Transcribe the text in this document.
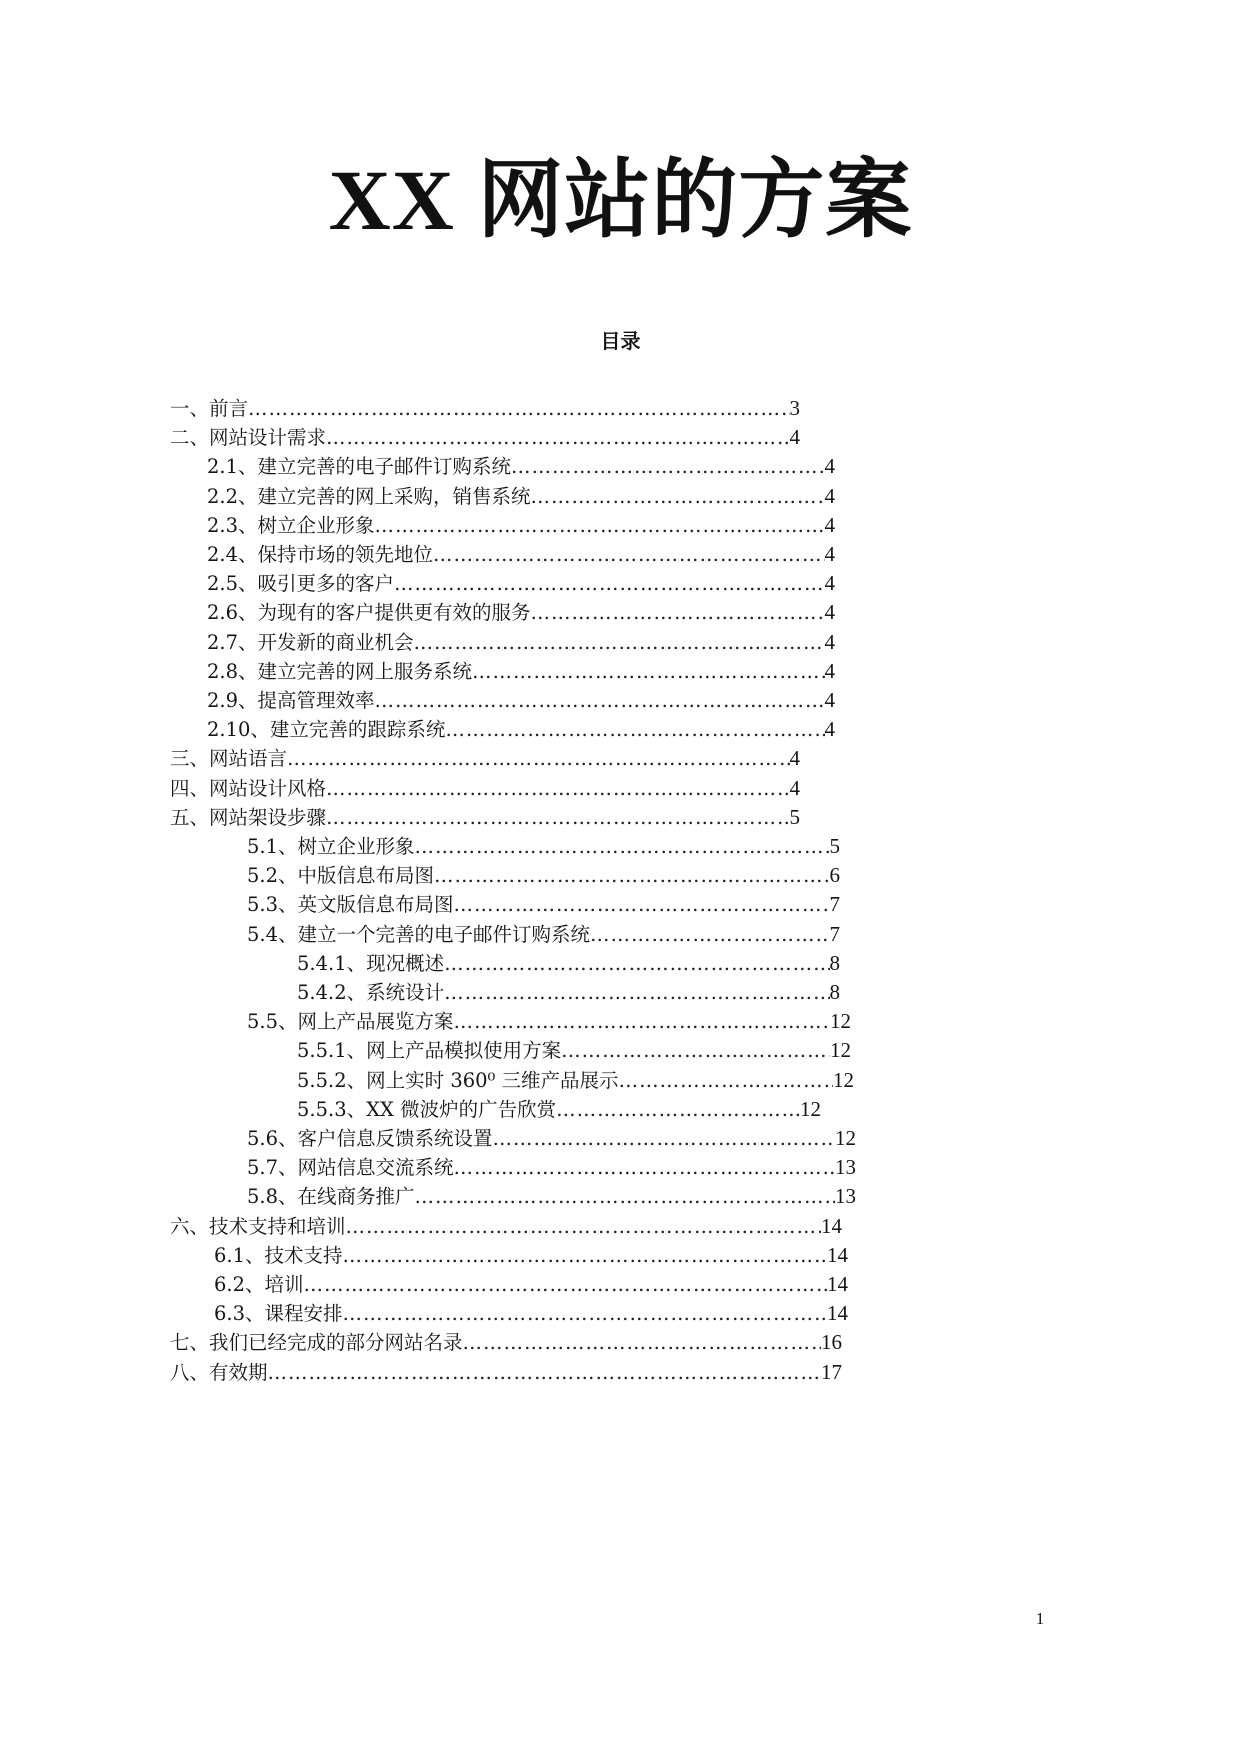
XX 网站的方案
目录
一、前言 ……………………………………………………………………………………………………………………………………………………………………………………	3
二、网站设计需求 ……………………………………………………………………………………………………………………………………………………………………………………	4
2.1、建立完善的电子邮件订购系统 ……………………………………………………………………………………………………………………………………………………………………………………	4
2.2、建立完善的网上采购，销售系统 ……………………………………………………………………………………………………………………………………………………………………………………	4
2.3、树立企业形象 ……………………………………………………………………………………………………………………………………………………………………………………	4
2.4、保持市场的领先地位 ……………………………………………………………………………………………………………………………………………………………………………………	4
2.5、吸引更多的客户 ……………………………………………………………………………………………………………………………………………………………………………………	4
2.6、为现有的客户提供更有效的服务 ……………………………………………………………………………………………………………………………………………………………………………………	4
2.7、开发新的商业机会 ……………………………………………………………………………………………………………………………………………………………………………………	4
2.8、建立完善的网上服务系统 ……………………………………………………………………………………………………………………………………………………………………………………	4
2.9、提高管理效率 ……………………………………………………………………………………………………………………………………………………………………………………	4
2.10、建立完善的跟踪系统 ……………………………………………………………………………………………………………………………………………………………………………………	4
三、网站语言 ……………………………………………………………………………………………………………………………………………………………………………………	4
四、网站设计风格 ……………………………………………………………………………………………………………………………………………………………………………………	4
五、网站架设步骤 ……………………………………………………………………………………………………………………………………………………………………………………	5
5.1、树立企业形象 ……………………………………………………………………………………………………………………………………………………………………………………	5
5.2、中版信息布局图 ……………………………………………………………………………………………………………………………………………………………………………………	6
5.3、英文版信息布局图 ……………………………………………………………………………………………………………………………………………………………………………………	7
5.4、建立一个完善的电子邮件订购系统 ……………………………………………………………………………………………………………………………………………………………………………………	7
5.4.1、现况概述 ……………………………………………………………………………………………………………………………………………………………………………………	8
5.4.2、系统设计 ……………………………………………………………………………………………………………………………………………………………………………………	8
5.5、网上产品展览方案 ……………………………………………………………………………………………………………………………………………………………………………………	12
5.5.1、网上产品模拟使用方案 ……………………………………………………………………………………………………………………………………………………………………………………	12
5.5.2、网上实时 360⁰ 三维产品展示 ……………………………………………………………………………………………………………………………………………………………………………………	12
5.5.3、XX 微波炉的广告欣赏 ……………………………………………………………………………………………………………………………………………………………………………………	12
5.6、客户信息反馈系统设置 ……………………………………………………………………………………………………………………………………………………………………………………	12
5.7、网站信息交流系统 ……………………………………………………………………………………………………………………………………………………………………………………	13
5.8、在线商务推广 ……………………………………………………………………………………………………………………………………………………………………………………	13
六、技术支持和培训 ……………………………………………………………………………………………………………………………………………………………………………………	14
6.1、技术支持 ……………………………………………………………………………………………………………………………………………………………………………………	14
6.2、培训 ……………………………………………………………………………………………………………………………………………………………………………………	14
6.3、课程安排 ……………………………………………………………………………………………………………………………………………………………………………………	14
七、我们已经完成的部分网站名录 ……………………………………………………………………………………………………………………………………………………………………………………	16
八、有效期 ……………………………………………………………………………………………………………………………………………………………………………………	17
1
